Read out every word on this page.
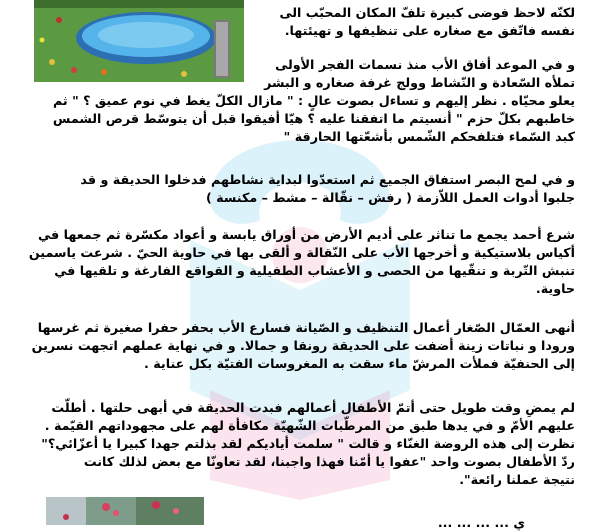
لكنّه لاحظ فوضى كبيرة تلفّ المكان المحبّب الى
نفسه فاتّفق مع صغاره على تنظيفها و تهيئتها.
و في الموعد أفاق الأب منذ نسمات الفجر الأولى
تملأه السّعادة و النّشاط وولج غرفة صغاره و البشر
يعلو محيّاه . نظر إليهم و تساءل بصوت عالٍ : " مازال الكلّ يغط في نوم عميق ؟ " ثم
خاطبهم بكلّ حزم " أنسيتم ما اتفقنا عليه ؟ هيّا أفيقوا قبل أن يتوسّط قرص الشمس
كبد السّماء فتلفحكم الشّمس بأشعّتها الحارقة "
و في لمح البصر استفاق الجميع ثم استعدّوا لبداية نشاطهم فدخلوا الحديقة و قد
جلبوا أدوات العمل اللاّزمة ( رفش – نقّالة – مشط – مكنسة )
شرع أحمد يجمع ما تناثر على أديم الأرض من أوراق يابسة و أعواد مكسّرة ثم جمعها في
أكياس بلاستيكية و أخرجها الأب على النّقالة و ألقى بها في حاوية الحيّ . شرعت ياسمين
تنبش التّربة و تنقّيها من الحصى و الأعشاب الطفيلية و القواقع الفارغة و تلقيها في
حاوية.
أنهى العمّال الصّغار أعمال التنظيف و الصّيانة فسارع الأب بحفر حفرا صغيرة ثم غرسها
ورودا و نباتات زينة أضفت على الحديقة رونقا و جمالا. و في نهاية عملهم اتجهت نسرين
إلى الحنفيّة فملأت المرشّ ماء سقت به المغروسات الفتيّة بكل عناية .
لم يمضِ وقت طويل حتى أتمّ الأطفال أعمالهم فبدت الحديقة في أبهى حلتها . أطلّت
عليهم الأمّ و في يدها طبق من المرطّبات الشّهيّة مكافأة لهم على مجهوداتهم القيّمة .
نظرت إلى هذه الروضة الغنّاء و قالت " سلمت أياديكم لقد بذلتم جهدا كبيرا يا أعزّائي؟"
ردّ الأطفال بصوت واحد "عفوا يا أمّنا فهذا واجبنا، لقد تعاونّا مع بعض لذلك كانت
نتيجة عملنا رائعة".
ي ... ... ... ...
